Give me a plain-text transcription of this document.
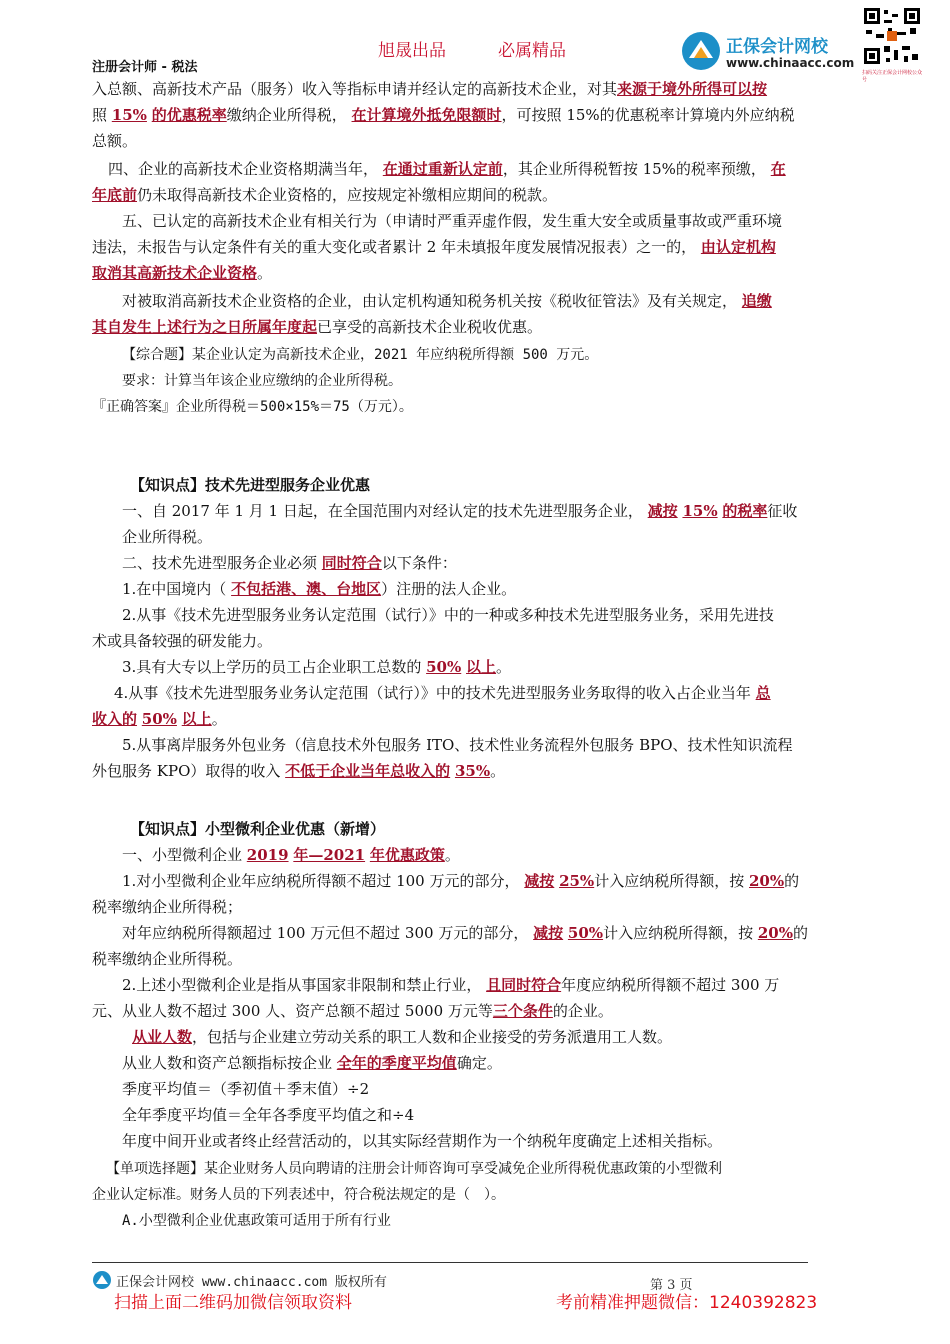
旭晟出品	必属精品
注册会计师 - 税法
正保会计网校
www.chinaacc.com
扫码关注正保会计网校公众号
入总额、高新技术产品（服务）收入等指标申请并经认定的高新技术企业，对其来源于境外所得可以按
照 15% 的优惠税率缴纳企业所得税， 在计算境外抵免限额时，可按照 15%的优惠税率计算境内外应纳税
总额。
四、企业的高新技术企业资格期满当年， 在通过重新认定前，其企业所得税暂按 15%的税率预缴， 在
年底前仍未取得高新技术企业资格的，应按规定补缴相应期间的税款。
五、已认定的高新技术企业有相关行为（申请时严重弄虚作假，发生重大安全或质量事故或严重环境
违法，未报告与认定条件有关的重大变化或者累计 2 年未填报年度发展情况报表）之一的， 由认定机构
取消其高新技术企业资格。
对被取消高新技术企业资格的企业，由认定机构通知税务机关按《税收征管法》及有关规定， 追缴
其自发生上述行为之日所属年度起已享受的高新技术企业税收优惠。
【综合题】某企业认定为高新技术企业，2021 年应纳税所得额 500 万元。
要求：计算当年该企业应缴纳的企业所得税。
『正确答案』企业所得税＝500×15%＝75（万元）。
【知识点】技术先进型服务企业优惠
一、自 2017 年 1 月 1 日起，在全国范围内对经认定的技术先进型服务企业， 减按 15% 的税率征收
企业所得税。
二、技术先进型服务企业必须 同时符合以下条件：
1.在中国境内（ 不包括港、澳、台地区）注册的法人企业。
2.从事《技术先进型服务业务认定范围（试行）》中的一种或多种技术先进型服务业务，采用先进技
术或具备较强的研发能力。
3.具有大专以上学历的员工占企业职工总数的 50% 以上。
4.从事《技术先进型服务业务认定范围（试行）》中的技术先进型服务业务取得的收入占企业当年 总
收入的 50% 以上。
5.从事离岸服务外包业务（信息技术外包服务 ITO、技术性业务流程外包服务 BPO、技术性知识流程
外包服务 KPO）取得的收入 不低于企业当年总收入的 35%。
【知识点】小型微利企业优惠（新增）
一、小型微利企业 2019 年—2021 年优惠政策。
1.对小型微利企业年应纳税所得额不超过 100 万元的部分， 减按 25%计入应纳税所得额，按 20%的
税率缴纳企业所得税；
对年应纳税所得额超过 100 万元但不超过 300 万元的部分， 减按 50%计入应纳税所得额，按 20%的
税率缴纳企业所得税。
2.上述小型微利企业是指从事国家非限制和禁止行业， 且同时符合年度应纳税所得额不超过 300 万
元、从业人数不超过 300 人、资产总额不超过 5000 万元等三个条件的企业。
从业人数，包括与企业建立劳动关系的职工人数和企业接受的劳务派遣用工人数。
从业人数和资产总额指标按企业 全年的季度平均值确定。
季度平均值＝（季初值＋季末值）÷2
全年季度平均值＝全年各季度平均值之和÷4
年度中间开业或者终止经营活动的，以其实际经营期作为一个纳税年度确定上述相关指标。
【单项选择题】某企业财务人员向聘请的注册会计师咨询可享受减免企业所得税优惠政策的小型微利
企业认定标准。财务人员的下列表述中，符合税法规定的是（　）。
A.小型微利企业优惠政策可适用于所有行业
正保会计网校 www.chinaacc.com 版权所有	第 3 页
扫描上面二维码加微信领取资料	考前精准押题微信：1240392823
